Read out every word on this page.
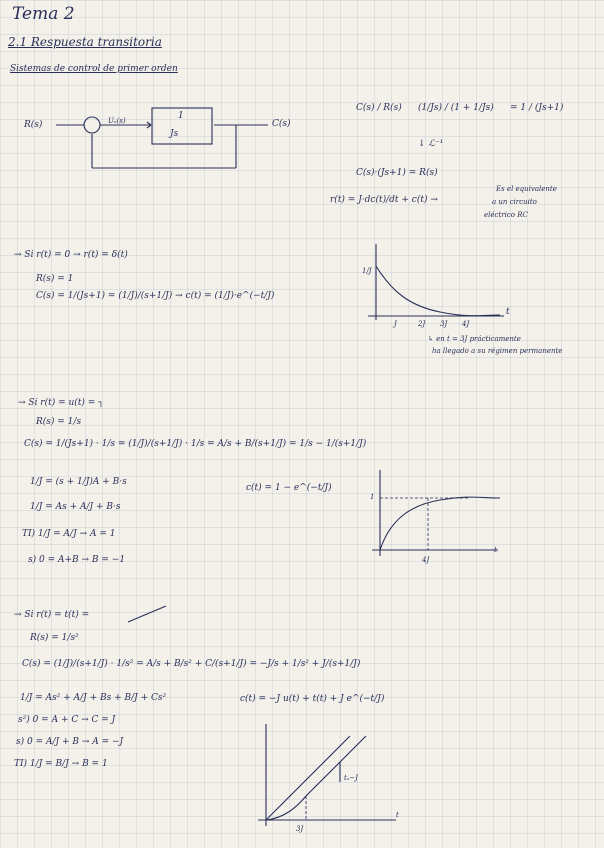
Tema 2
2.1 Respuesta transitoria
Sistemas de control de primer orden
R(s)	Uₑ(s)	1
Js
C(s)
C(s) / R(s) (1/Js) / (1 + 1/Js) = 1 / (Js+1)
↓ ℒ⁻¹
C(s)·(Js+1) = R(s)
r(t) = J·dc(t)/dt + c(t) →
Es el equivalente
a un circuito
eléctrico RC
→ Si r(t) = 0 → r(t) = δ(t)
R(s) = 1
C(s) = 1/(Js+1) = (1/J)/(s+1/J) → c(t) = (1/J)·e^(−t/J)
1/J
t
J	2J 3J 4J
↳ en t = 3J prácticamente
ha llegado a su régimen permanente
→ Si r(t) = u(t) = ┐
R(s) = 1/s
C(s) = 1/(Js+1) · 1/s = (1/J)/(s+1/J) · 1/s = A/s + B/(s+1/J) = 1/s − 1/(s+1/J)
1/J = (s + 1/J)A + B·s
1/J = As + A/J + B·s
TI) 1/J = A/J → A = 1
s) 0 = A+B → B = −1
c(t) = 1 − e^(−t/J)
1
t
4J
→ Si r(t) = t(t) =
R(s) = 1/s²
C(s) = (1/J)/(s+1/J) · 1/s² = A/s + B/s² + C/(s+1/J) = −J/s + 1/s² + J/(s+1/J)
1/J = As² + A/J + Bs + B/J + Cs²
s²) 0 = A + C → C = J
s) 0 = A/J + B → A = −J
TI) 1/J = B/J → B = 1
c(t) = −J u(t) + t(t) + J e^(−t/J)
tₓ−J
t
3J
